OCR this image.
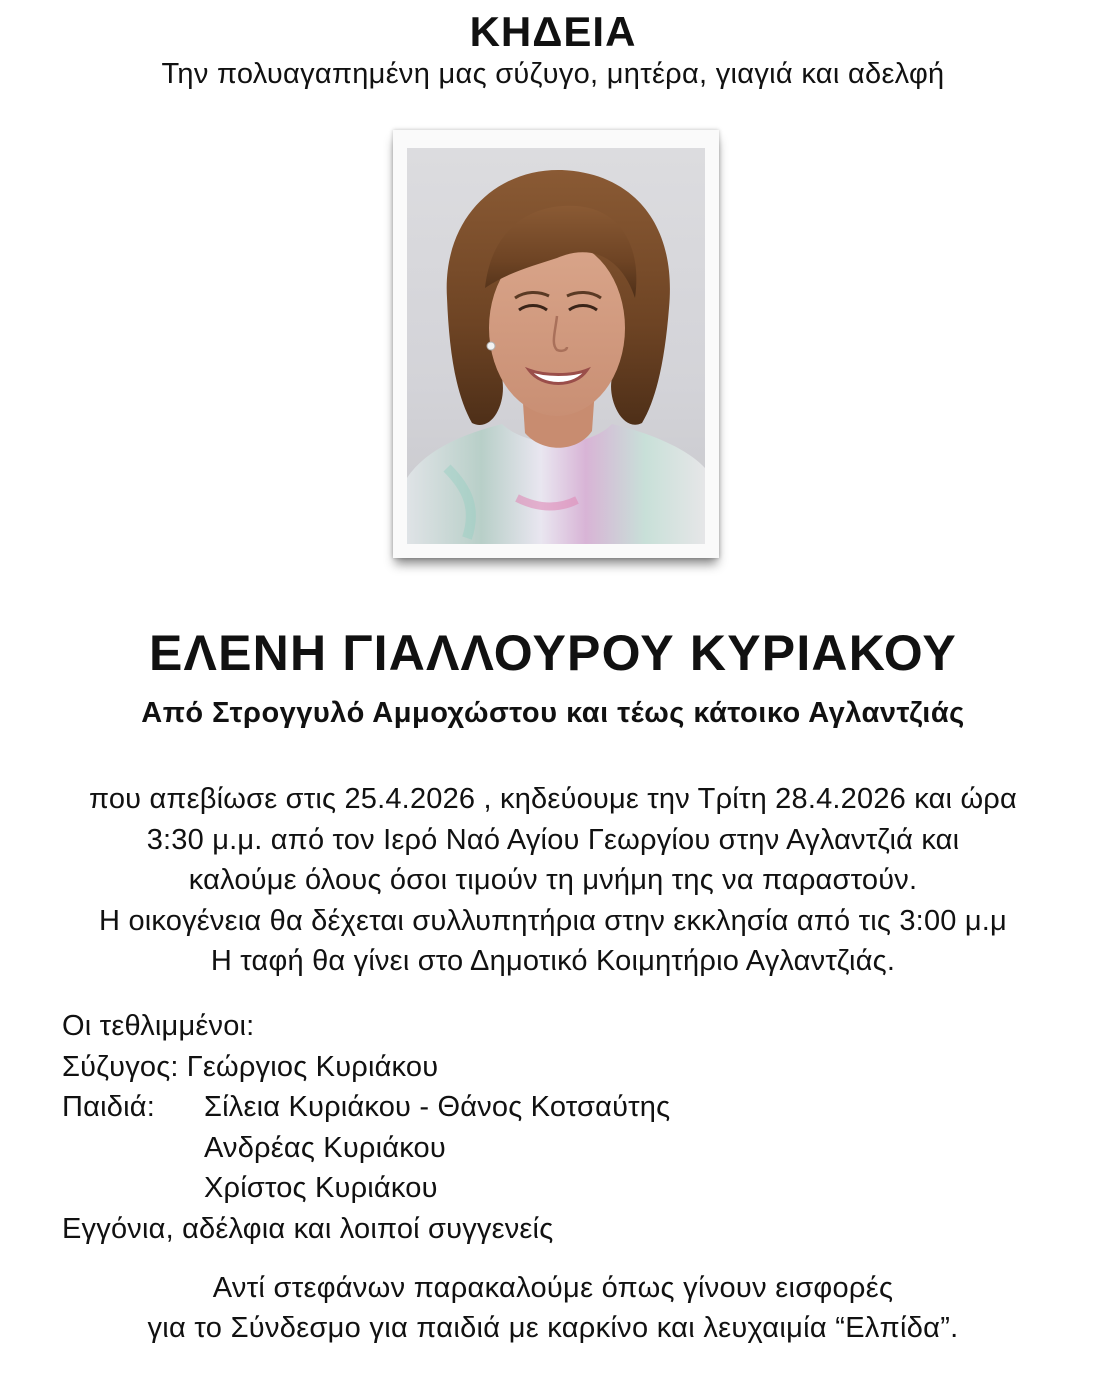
ΚΗΔΕΙΑ
Την πολυαγαπημένη μας σύζυγο, μητέρα, γιαγιά και αδελφή
ΕΛΕΝΗ ΓΙΑΛΛΟΥΡΟΥ ΚΥΡΙΑΚΟΥ
Από Στρογγυλό Αμμοχώστου και τέως κάτοικο Αγλαντζιάς
που απεβίωσε στις 25.4.2026 , κηδεύουμε την Τρίτη 28.4.2026 και ώρα
3:30 μ.μ. από τον Ιερό Ναό Αγίου Γεωργίου στην Αγλαντζιά και
καλούμε όλους όσοι τιμούν τη μνήμη της να παραστούν.
Η οικογένεια θα δέχεται συλλυπητήρια στην εκκλησία από τις 3:00 μ.μ
Η ταφή θα γίνει στο Δημοτικό Κοιμητήριο Αγλαντζιάς.
Οι τεθλιμμένοι:
Σύζυγος: Γεώργιος Κυριάκου
Παιδιά:	Σίλεια Κυριάκου - Θάνος Κοτσαύτης
Ανδρέας Κυριάκου
Χρίστος Κυριάκου
Εγγόνια, αδέλφια και λοιποί συγγενείς
Αντί στεφάνων παρακαλούμε όπως γίνουν εισφορές
για το Σύνδεσμο για παιδιά με καρκίνο και λευχαιμία “Ελπίδα”.
